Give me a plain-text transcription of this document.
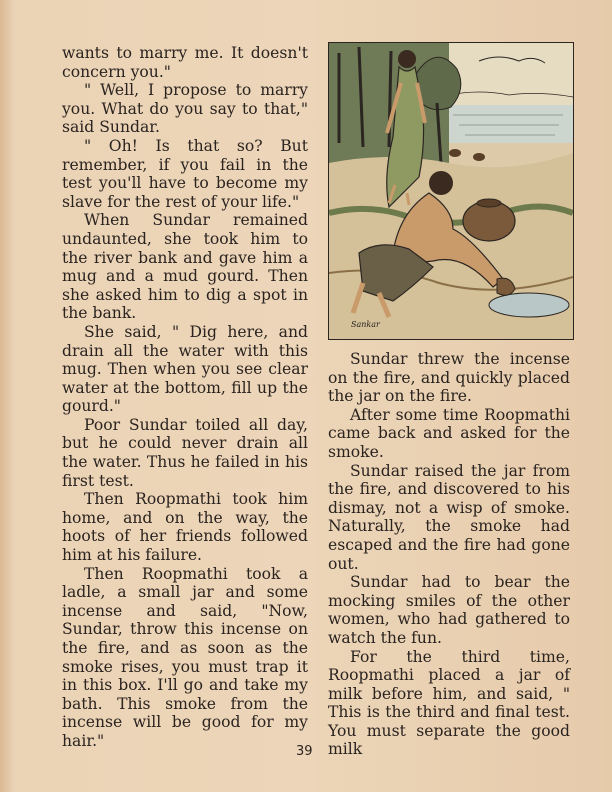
wants to marry me. It doesn't concern you."

" Well, I propose to marry you. What do you say to that," said Sundar.

" Oh! Is that so? But remember, if you fail in the test you'll have to become my slave for the rest of your life."

When Sundar remained undaunted, she took him to the river bank and gave him a mug and a mud gourd. Then she asked him to dig a spot in the bank.

She said, " Dig here, and drain all the water with this mug. Then when you see clear water at the bottom, fill up the gourd."

Poor Sundar toiled all day, but he could never drain all the water. Thus he failed in his first test.

Then Roopmathi took him home, and on the way, the hoots of her friends followed him at his failure.

Then Roopmathi took a ladle, a small jar and some incense and said, "Now, Sundar, throw this incense on the fire, and as soon as the smoke rises, you must trap it in this box. I'll go and take my bath. This smoke from the incense will be good for my hair."

Sankar

Sundar threw the incense on the fire, and quickly placed the jar on the fire.

After some time Roopmathi came back and asked for the smoke.

Sundar raised the jar from the fire, and discovered to his dismay, not a wisp of smoke. Naturally, the smoke had escaped and the fire had gone out.

Sundar had to bear the mocking smiles of the other women, who had gathered to watch the fun.

For the third time, Roopmathi placed a jar of milk before him, and said, " This is the third and final test. You must separate the good milk

39
